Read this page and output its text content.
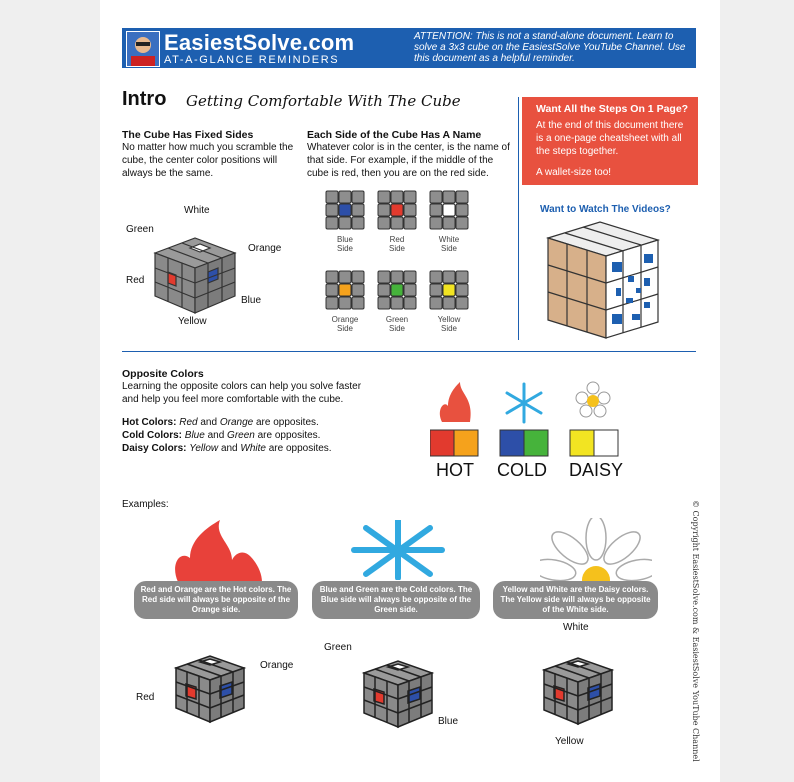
EasiestSolve.com
AT-A-GLANCE REMINDERS
ATTENTION: This is not a stand-alone document. Learn to solve a 3x3 cube on the EasiestSolve YouTube Channel. Use this document as a helpful reminder.
Intro Getting Comfortable With The Cube
The Cube Has Fixed Sides
No matter how much you scramble the cube, the center color positions will always be the same.
White
Green
Orange
Red
Blue
Yellow
Each Side of the Cube Has A Name
Whatever color is in the center, is the name of that side. For example, if the middle of the cube is red, then you are on the red side.
Blue
Side
Red
Side
White
Side
Orange
Side
Green
Side
Yellow
Side
Want All the Steps On 1 Page?
At the end of this document there is a one-page cheatsheet with all the steps together.
A wallet-size too!
Want to Watch The Videos?
Opposite Colors
Learning the opposite colors can help you solve faster and help you feel more comfortable with the cube.
Hot Colors: Red and Orange are opposites.
Cold Colors: Blue and Green are opposites.
Daisy Colors: Yellow and White are opposites.
HOT COLD DAISY
Examples:
Red and Orange are the Hot colors. The Red side will always be opposite of the Orange side.
Blue and Green are the Cold colors. The Blue side will always be opposite of the Green side.
Yellow and White are the Daisy colors. The Yellow side will always be opposite of the White side.
Orange
Red
Green
Blue
White
Yellow	© Copyright EasiestSolve.com & EasiestSolve YouTube Channel
